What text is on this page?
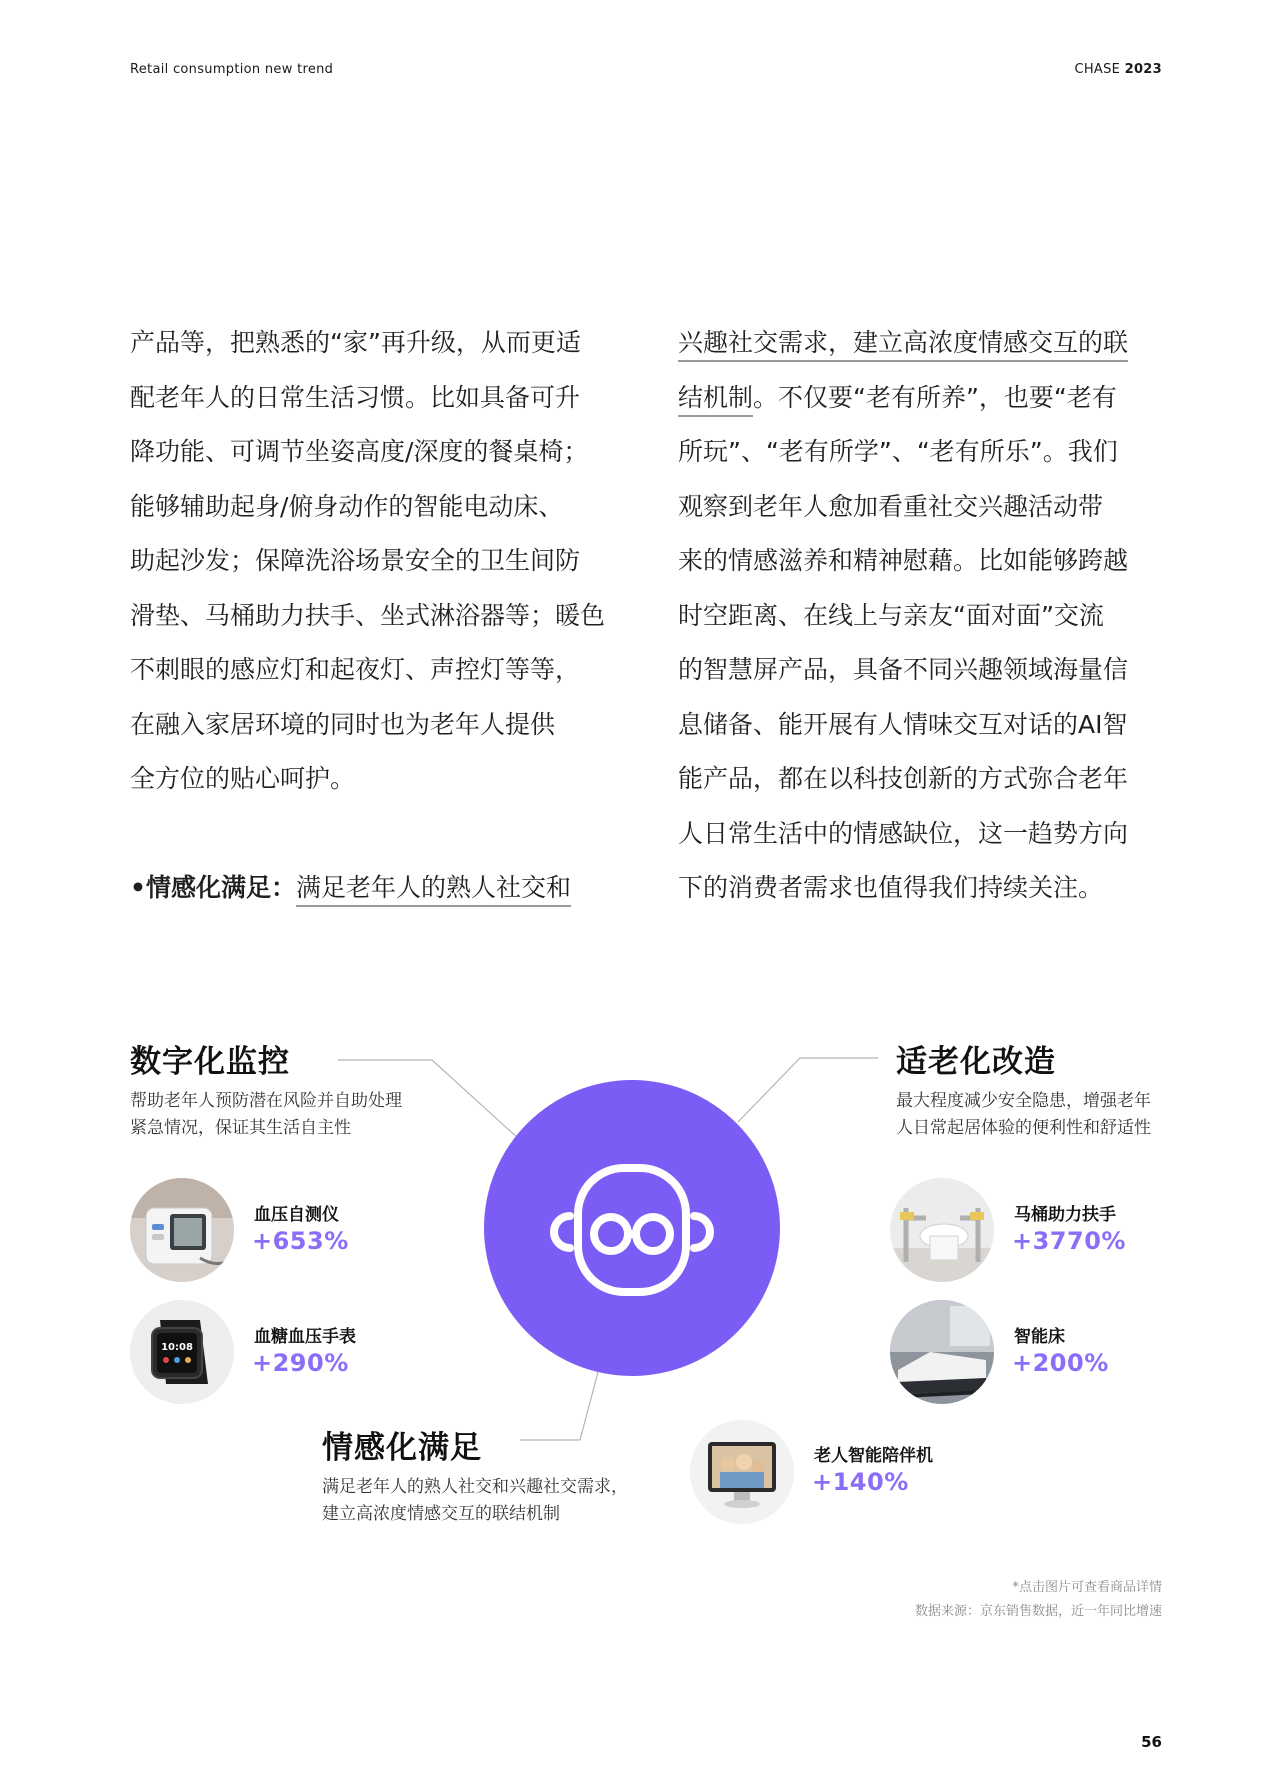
Retail consumption new trend	CHASE 2023

产品等，把熟悉的“家”再升级，从而更适

配老年人的日常生活习惯。比如具备可升

降功能、可调节坐姿高度/深度的餐桌椅；

能够辅助起身/俯身动作的智能电动床、

助起沙发；保障洗浴场景安全的卫生间防

滑垫、马桶助力扶手、坐式淋浴器等；暖色

不刺眼的感应灯和起夜灯、声控灯等等，

在融入家居环境的同时也为老年人提供

全方位的贴心呵护。

•情感化满足：满足老年人的熟人社交和

兴趣社交需求，建立高浓度情感交互的联

结机制。不仅要“老有所养”，也要“老有

所玩”、“老有所学”、“老有所乐”。我们

观察到老年人愈加看重社交兴趣活动带

来的情感滋养和精神慰藉。比如能够跨越

时空距离、在线上与亲友“面对面”交流

的智慧屏产品，具备不同兴趣领域海量信

息储备、能开展有人情味交互对话的AI智

能产品，都在以科技创新的方式弥合老年

人日常生活中的情感缺位，这一趋势方向

下的消费者需求也值得我们持续关注。

数字化监控
帮助老年人预防潜在风险并自助处理
紧急情况，保证其生活自主性
适老化改造
最大程度减少安全隐患，增强老年
人日常起居体验的便利性和舒适性
血压自测仪
+653%
10:08
血糖血压手表
+290%
马桶助力扶手
+3770%
智能床
+200%
情感化满足
满足老年人的熟人社交和兴趣社交需求，
建立高浓度情感交互的联结机制
老人智能陪伴机
+140%
*点击图片可查看商品详情
数据来源：京东销售数据，近一年同比增速
56
